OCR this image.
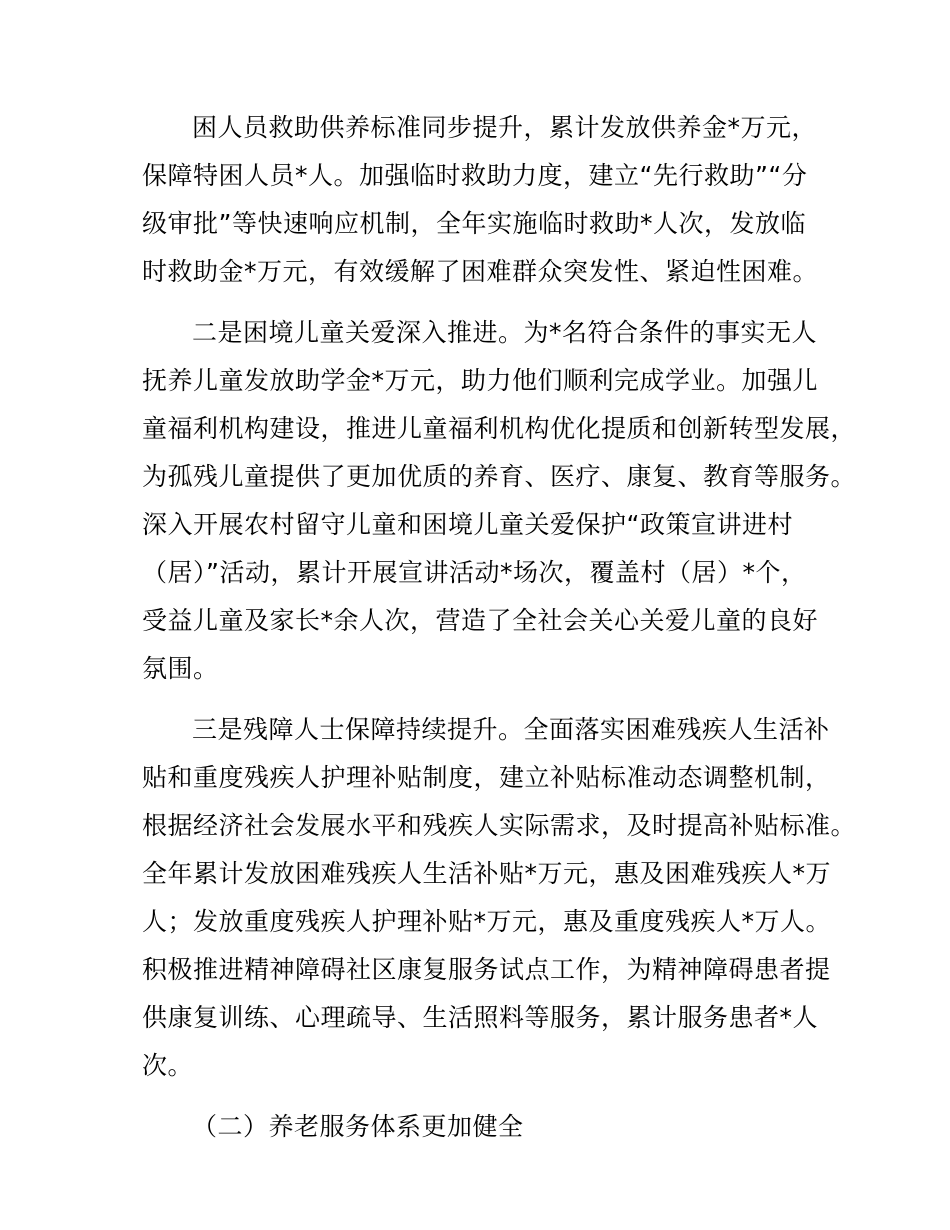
困人员救助供养标准同步提升，累计发放供养金*万元，
保障特困人员*人。加强临时救助力度，建立“先行救助”“分
级审批”等快速响应机制，全年实施临时救助*人次，发放临
时救助金*万元，有效缓解了困难群众突发性、紧迫性困难。
二是困境儿童关爱深入推进。为*名符合条件的事实无人
抚养儿童发放助学金*万元，助力他们顺利完成学业。加强儿
童福利机构建设，推进儿童福利机构优化提质和创新转型发展，
为孤残儿童提供了更加优质的养育、医疗、康复、教育等服务。
深入开展农村留守儿童和困境儿童关爱保护“政策宣讲进村
（居）”活动，累计开展宣讲活动*场次，覆盖村（居）*个，
受益儿童及家长*余人次，营造了全社会关心关爱儿童的良好
氛围。
三是残障人士保障持续提升。全面落实困难残疾人生活补
贴和重度残疾人护理补贴制度，建立补贴标准动态调整机制，
根据经济社会发展水平和残疾人实际需求，及时提高补贴标准。
全年累计发放困难残疾人生活补贴*万元，惠及困难残疾人*万
人；发放重度残疾人护理补贴*万元，惠及重度残疾人*万人。
积极推进精神障碍社区康复服务试点工作，为精神障碍患者提
供康复训练、心理疏导、生活照料等服务，累计服务患者*人
次。
（二）养老服务体系更加健全
